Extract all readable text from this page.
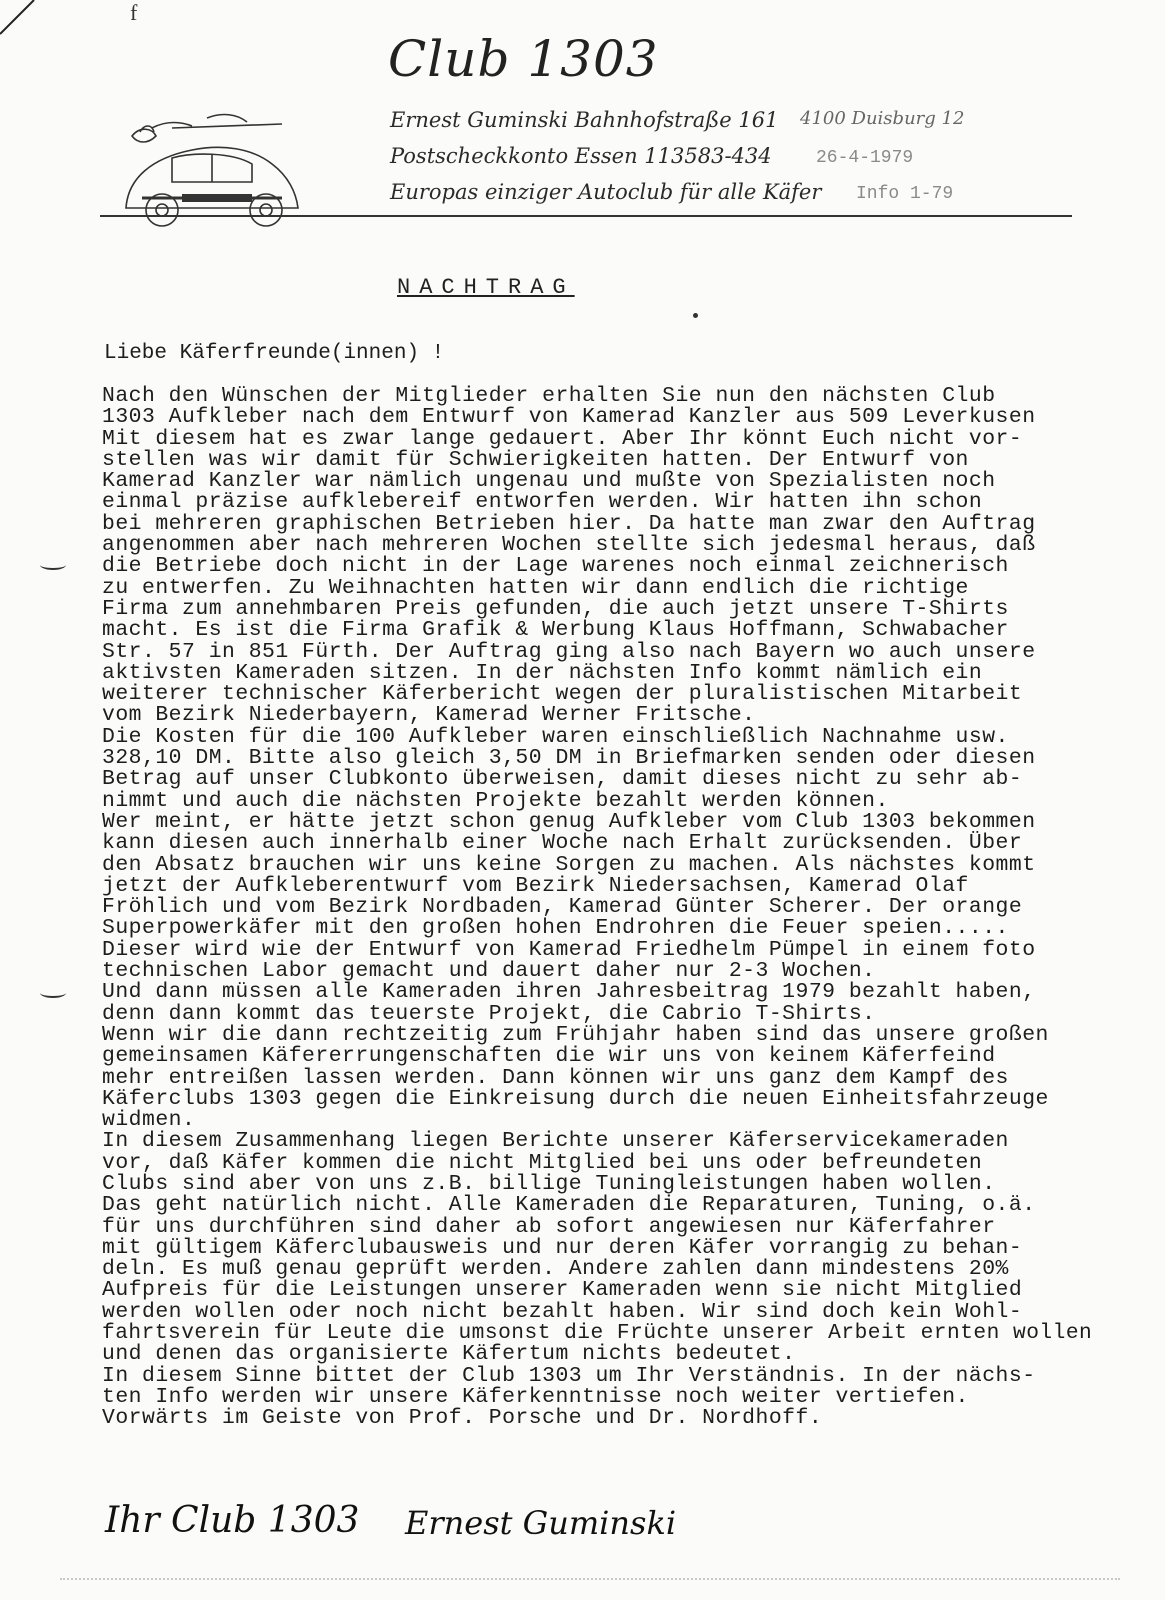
f
Club 1303
Ernest Guminski Bahnhofstraße 161 4100 Duisburg 12
Postscheckkonto Essen 113583-434 26-4-1979
Europas einziger Autoclub für alle Käfer Info 1-79
NACHTRAG
Liebe Käferfreunde(innen) !
Nach den Wünschen der Mitglieder erhalten Sie nun den nächsten Club
1303 Aufkleber nach dem Entwurf von Kamerad Kanzler aus 509 Leverkusen
Mit diesem hat es zwar lange gedauert. Aber Ihr könnt Euch nicht vor-
stellen was wir damit für Schwierigkeiten hatten. Der Entwurf von
Kamerad Kanzler war nämlich ungenau und mußte von Spezialisten noch
einmal präzise aufklebereif entworfen werden. Wir hatten ihn schon
bei mehreren graphischen Betrieben hier. Da hatte man zwar den Auftrag
angenommen aber nach mehreren Wochen stellte sich jedesmal heraus, daß
die Betriebe doch nicht in der Lage warenes noch einmal zeichnerisch
zu entwerfen. Zu Weihnachten hatten wir dann endlich die richtige
Firma zum annehmbaren Preis gefunden, die auch jetzt unsere T-Shirts
macht. Es ist die Firma Grafik & Werbung Klaus Hoffmann, Schwabacher
Str. 57 in 851 Fürth. Der Auftrag ging also nach Bayern wo auch unsere
aktivsten Kameraden sitzen. In der nächsten Info kommt nämlich ein
weiterer technischer Käferbericht wegen der pluralistischen Mitarbeit
vom Bezirk Niederbayern, Kamerad Werner Fritsche.
Die Kosten für die 100 Aufkleber waren einschließlich Nachnahme usw.
328,10 DM. Bitte also gleich 3,50 DM in Briefmarken senden oder diesen
Betrag auf unser Clubkonto überweisen, damit dieses nicht zu sehr ab-
nimmt und auch die nächsten Projekte bezahlt werden können.
Wer meint, er hätte jetzt schon genug Aufkleber vom Club 1303 bekommen
kann diesen auch innerhalb einer Woche nach Erhalt zurücksenden. Über
den Absatz brauchen wir uns keine Sorgen zu machen. Als nächstes kommt
jetzt der Aufkleberentwurf vom Bezirk Niedersachsen, Kamerad Olaf
Fröhlich und vom Bezirk Nordbaden, Kamerad Günter Scherer. Der orange
Superpowerkäfer mit den großen hohen Endrohren die Feuer speien.....
Dieser wird wie der Entwurf von Kamerad Friedhelm Pümpel in einem foto
technischen Labor gemacht und dauert daher nur 2-3 Wochen.
Und dann müssen alle Kameraden ihren Jahresbeitrag 1979 bezahlt haben,
denn dann kommt das teuerste Projekt, die Cabrio T-Shirts.
Wenn wir die dann rechtzeitig zum Frühjahr haben sind das unsere großen
gemeinsamen Käfererrungenschaften die wir uns von keinem Käferfeind
mehr entreißen lassen werden. Dann können wir uns ganz dem Kampf des
Käferclubs 1303 gegen die Einkreisung durch die neuen Einheitsfahrzeuge
widmen.
In diesem Zusammenhang liegen Berichte unserer Käferservicekameraden
vor, daß Käfer kommen die nicht Mitglied bei uns oder befreundeten
Clubs sind aber von uns z.B. billige Tuningleistungen haben wollen.
Das geht natürlich nicht. Alle Kameraden die Reparaturen, Tuning, o.ä.
für uns durchführen sind daher ab sofort angewiesen nur Käferfahrer
mit gültigem Käferclubausweis und nur deren Käfer vorrangig zu behan-
deln. Es muß genau geprüft werden. Andere zahlen dann mindestens 20%
Aufpreis für die Leistungen unserer Kameraden wenn sie nicht Mitglied
werden wollen oder noch nicht bezahlt haben. Wir sind doch kein Wohl-
fahrtsverein für Leute die umsonst die Früchte unserer Arbeit ernten wollen
und denen das organisierte Käfertum nichts bedeutet.
In diesem Sinne bittet der Club 1303 um Ihr Verständnis. In der nächs-
ten Info werden wir unsere Käferkenntnisse noch weiter vertiefen.
Vorwärts im Geiste von Prof. Porsche und Dr. Nordhoff.
Ihr Club 1303 Ernest Guminski
